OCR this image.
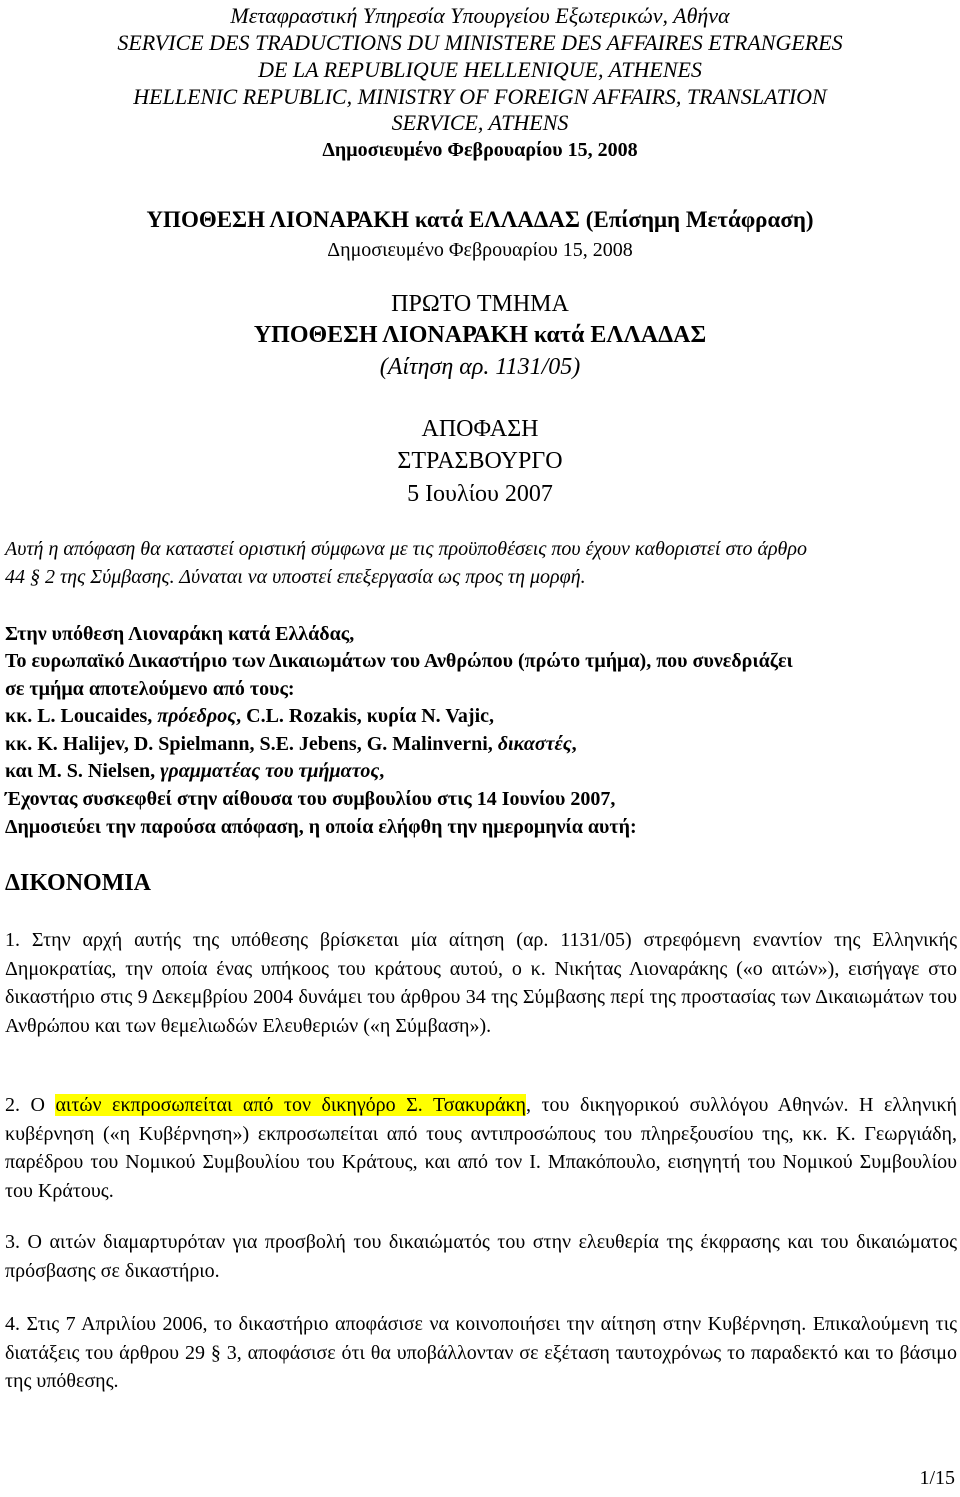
Μεταφραστική Υπηρεσία Υπουργείου Εξωτερικών, Αθήνα
SERVICE DES TRADUCTIONS DU MINISTERE DES AFFAIRES ETRANGERES
DE LA REPUBLIQUE HELLENIQUE, ATHENES
HELLENIC REPUBLIC, MINISTRY OF FOREIGN AFFAIRS, TRANSLATION
SERVICE, ATHENS
Δημοσιευμένο Φεβρουαρίου 15, 2008
ΥΠΟΘΕΣΗ ΛΙΟΝΑΡΑΚΗ κατά ΕΛΛΑΔΑΣ (Επίσημη Μετάφραση)
Δημοσιευμένο Φεβρουαρίου 15, 2008
ΠΡΩΤΟ ΤΜΗΜΑ
ΥΠΟΘΕΣΗ ΛΙΟΝΑΡΑΚΗ κατά ΕΛΛΑΔΑΣ
(Αίτηση αρ. 1131/05)
ΑΠΟΦΑΣΗ
ΣΤΡΑΣΒΟΥΡΓΟ
5 Ιουλίου 2007
Αυτή η απόφαση θα καταστεί οριστική σύμφωνα με τις προϋποθέσεις που έχουν καθοριστεί στο άρθρο
44 § 2 της Σύμβασης. Δύναται να υποστεί επεξεργασία ως προς τη μορφή.
Στην υπόθεση Λιοναράκη κατά Ελλάδας,
Το ευρωπαϊκό Δικαστήριο των Δικαιωμάτων του Ανθρώπου (πρώτο τμήμα), που συνεδριάζει
σε τμήμα αποτελούμενο από τους:
κκ. L. Loucaides, πρόεδρος, C.L. Rozakis, κυρία N. Vajic,
κκ. K. Halijev, D. Spielmann, S.E. Jebens, G. Malinverni, δικαστές,
και M. S. Nielsen, γραμματέας του τμήματος,
Έχοντας συσκεφθεί στην αίθουσα του συμβουλίου στις 14 Ιουνίου 2007,
Δημοσιεύει την παρούσα απόφαση, η οποία ελήφθη την ημερομηνία αυτή:
ΔΙΚΟΝΟΜΙΑ
1. Στην αρχή αυτής της υπόθεσης βρίσκεται μία αίτηση (αρ. 1131/05) στρεφόμενη εναντίον της Ελληνικής Δημοκρατίας, την οποία ένας υπήκοος του κράτους αυτού, ο κ. Νικήτας Λιοναράκης («ο αιτών»), εισήγαγε στο δικαστήριο στις 9 Δεκεμβρίου 2004 δυνάμει του άρθρου 34 της Σύμβασης περί της προστασίας των Δικαιωμάτων του Ανθρώπου και των θεμελιωδών Ελευθεριών («η Σύμβαση»).
2. Ο αιτών εκπροσωπείται από τον δικηγόρο Σ. Τσακυράκη, του δικηγορικού συλλόγου Αθηνών. Η ελληνική κυβέρνηση («η Κυβέρνηση») εκπροσωπείται από τους αντιπροσώπους του πληρεξουσίου της, κκ. Κ. Γεωργιάδη, παρέδρου του Νομικού Συμβουλίου του Κράτους, και από τον Ι. Μπακόπουλο, εισηγητή του Νομικού Συμβουλίου του Κράτους.
3. Ο αιτών διαμαρτυρόταν για προσβολή του δικαιώματός του στην ελευθερία της έκφρασης και του δικαιώματος πρόσβασης σε δικαστήριο.
4. Στις 7 Απριλίου 2006, το δικαστήριο αποφάσισε να κοινοποιήσει την αίτηση στην Κυβέρνηση. Επικαλούμενη τις διατάξεις του άρθρου 29 § 3, αποφάσισε ότι θα υποβάλλονταν σε εξέταση ταυτοχρόνως το παραδεκτό και το βάσιμο της υπόθεσης.
1/15
